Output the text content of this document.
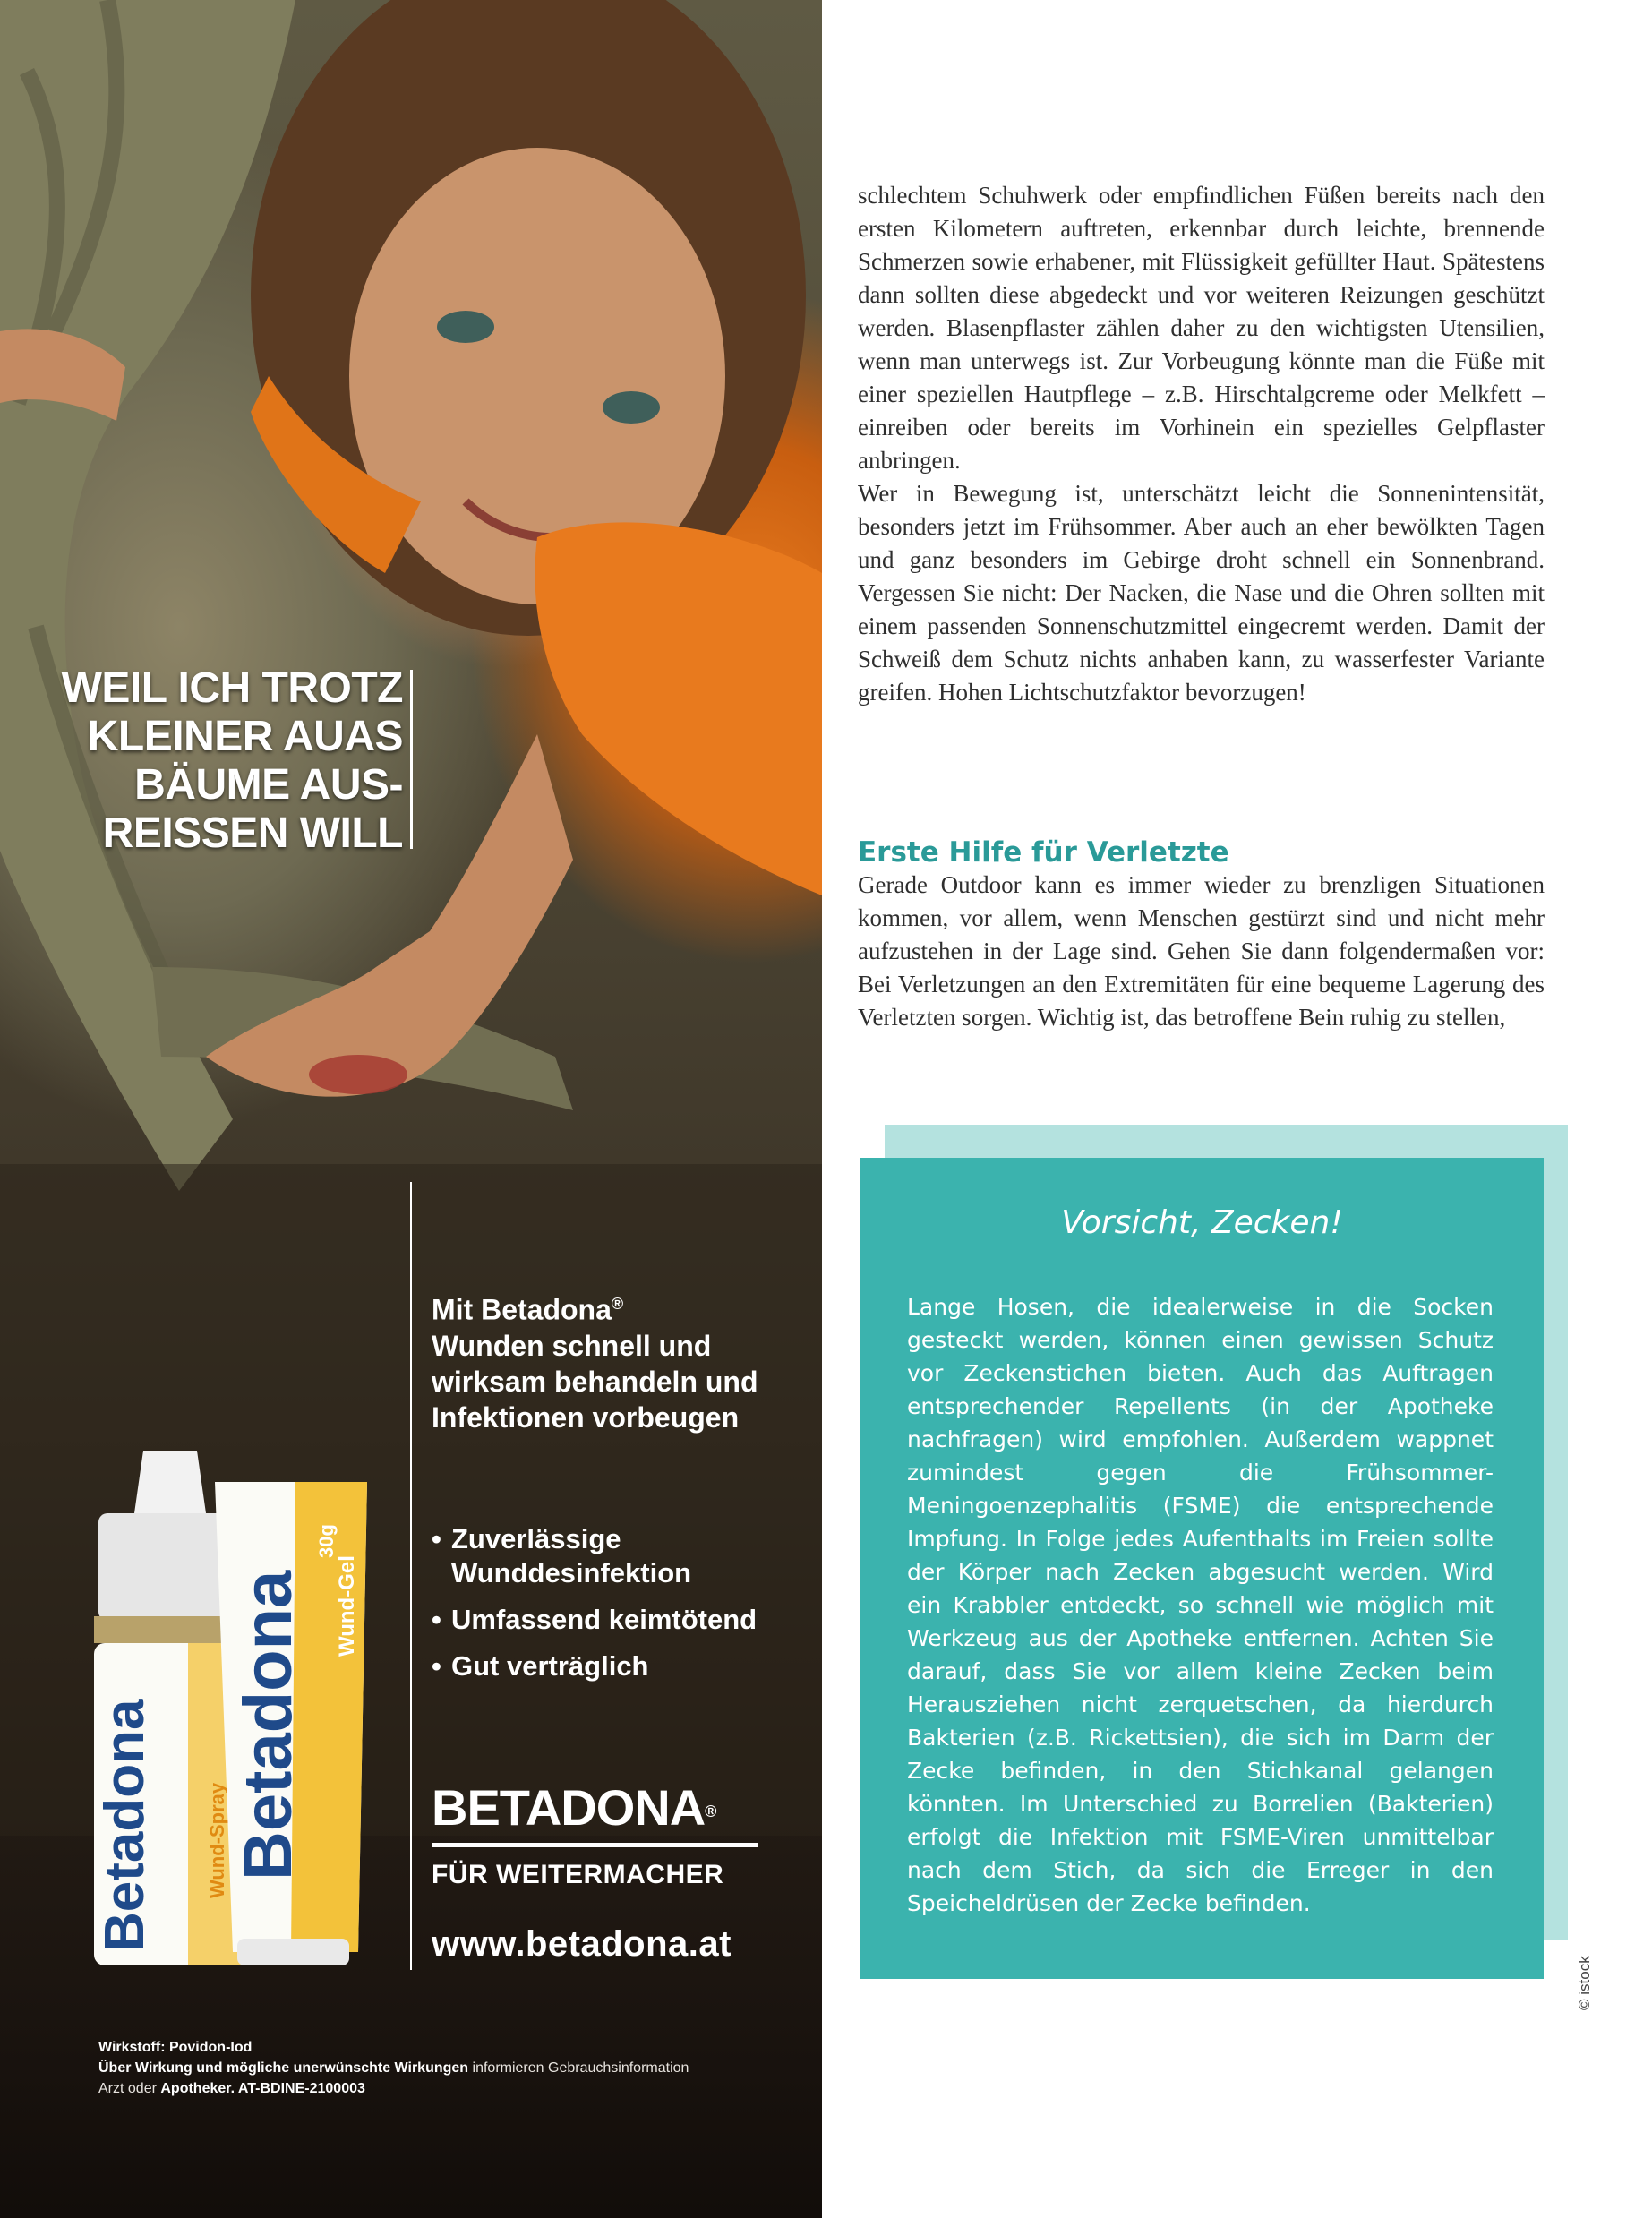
WEIL ICH TROTZ
KLEINER AUAS
BÄUME AUS-
REISSEN WILL
Mit Betadona®
Wunden schnell und
wirksam behandeln und
Infektionen vorbeugen
• Zuverlässige Wunddesinfektion
• Umfassend keimtötend
• Gut verträglich
Betadona	Wund-Spray Betadona Wund-Gel
30g
BETADONA®
FÜR WEITERMACHER
www.betadona.at
Wirkstoff: Povidon-Iod
Über Wirkung und mögliche unerwünschte Wirkungen informieren Gebrauchsinformation
Arzt oder Apotheker. AT-BDINE-2100003

schlechtem Schuhwerk oder empfindlichen Füßen bereits nach den ersten Kilometern auftreten, erkennbar durch leichte, brennende Schmerzen sowie erhabener, mit Flüssigkeit gefüllter Haut. Spätestens dann sollten diese abgedeckt und vor weiteren Reizungen geschützt werden. Blasenpflaster zählen daher zu den wichtigsten Utensilien, wenn man unterwegs ist. Zur Vorbeugung könnte man die Füße mit einer speziellen Hautpflege – z.B. Hirschtalgcreme oder Melkfett – einreiben oder bereits im Vorhinein ein spezielles Gelpflaster anbringen.

Wer in Bewegung ist, unterschätzt leicht die Sonnenintensität, besonders jetzt im Frühsommer. Aber auch an eher bewölkten Tagen und ganz besonders im Gebirge droht schnell ein Sonnenbrand. Vergessen Sie nicht: Der Nacken, die Nase und die Ohren sollten mit einem passenden Sonnenschutzmittel eingecremt werden. Damit der Schweiß dem Schutz nichts anhaben kann, zu wasserfester Variante greifen. Hohen Lichtschutzfaktor bevorzugen!

Erste Hilfe für Verletzte

Gerade Outdoor kann es immer wieder zu brenzligen Situationen kommen, vor allem, wenn Menschen gestürzt sind und nicht mehr aufzustehen in der Lage sind. Gehen Sie dann folgendermaßen vor: Bei Verletzungen an den Extremitäten für eine bequeme Lagerung des Verletzten sorgen. Wichtig ist, das betroffene Bein ruhig zu stellen,

Vorsicht, Zecken!

Lange Hosen, die idealerweise in die Socken gesteckt werden, können einen gewissen Schutz vor Zeckenstichen bieten. Auch das Auftragen entsprechender Repellents (in der Apotheke nachfragen) wird empfohlen. Außerdem wappnet zumindest gegen die Frühsommer-Meningoenzephalitis (FSME) die entsprechende Impfung. In Folge jedes Aufenthalts im Freien sollte der Körper nach Zecken abgesucht werden. Wird ein Krabbler entdeckt, so schnell wie möglich mit Werkzeug aus der Apotheke entfernen. Achten Sie darauf, dass Sie vor allem kleine Zecken beim Herausziehen nicht zerquetschen, da hierdurch Bakterien (z.B. Rickettsien), die sich im Darm der Zecke befinden, in den Stichkanal gelangen könnten. Im Unterschied zu Borrelien (Bakterien) erfolgt die Infektion mit FSME-Viren unmittelbar nach dem Stich, da sich die Erreger in den Speicheldrüsen der Zecke befinden.

© istock
